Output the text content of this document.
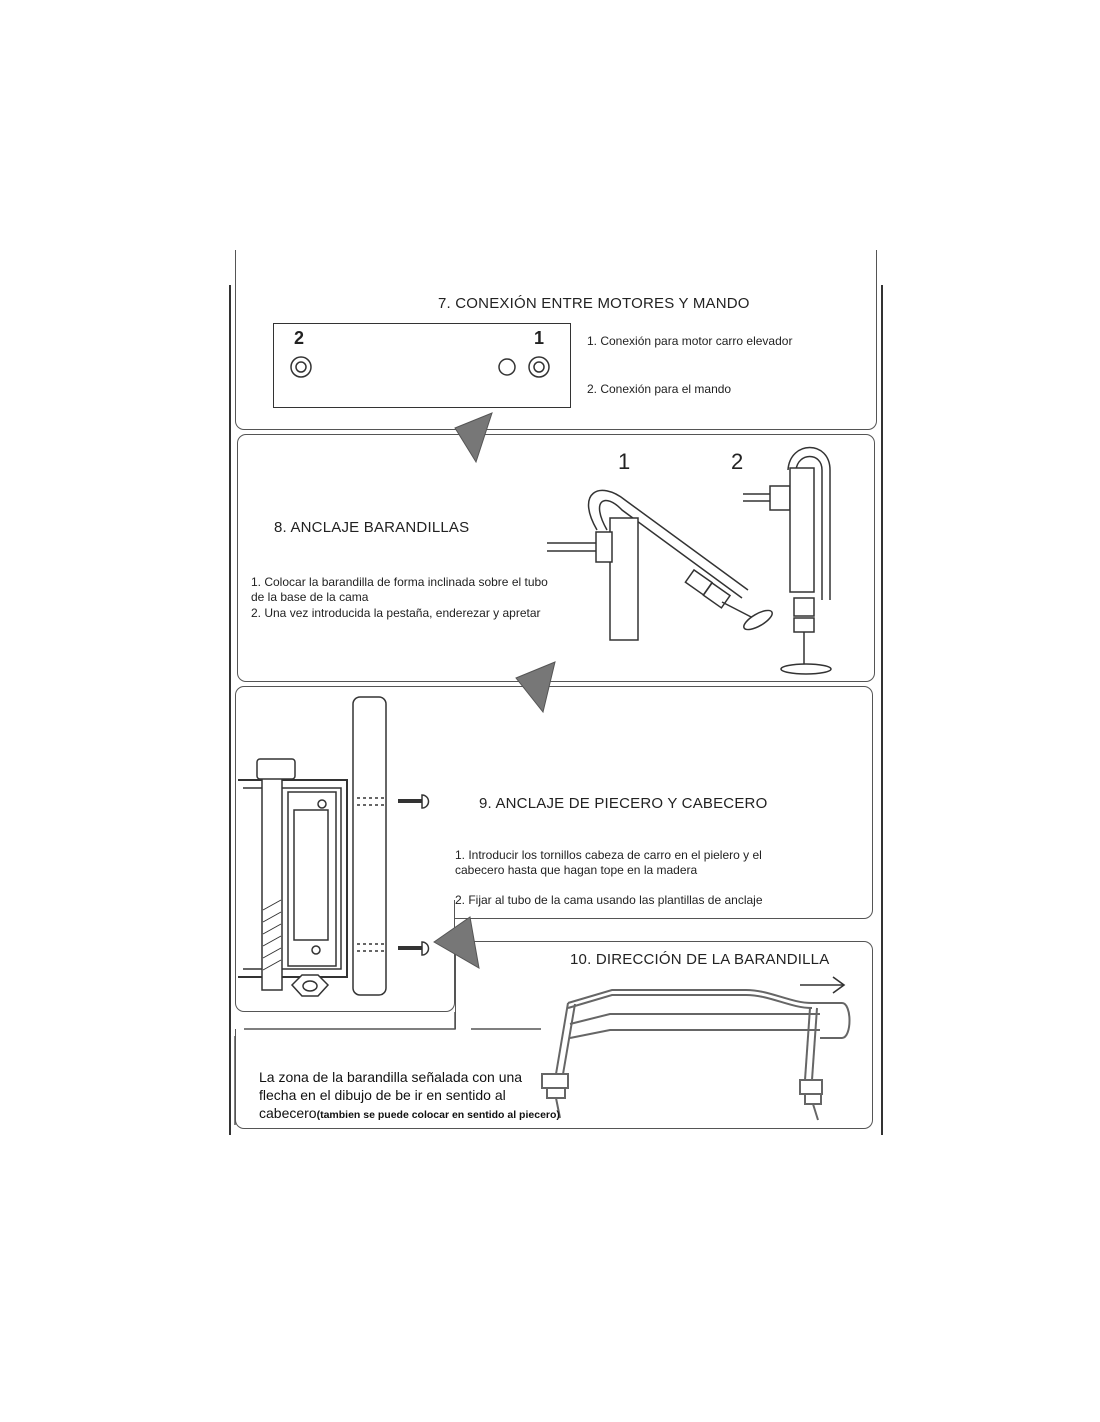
7. CONEXIÓN ENTRE MOTORES Y MANDO
2	1	1. Conexión para motor carro elevador
2. Conexión para el mando
8. ANCLAJE BARANDILLAS
1. Colocar la barandilla de forma inclinada sobre el tubo
de la base de la cama
2. Una vez introducida la pestaña, enderezar y apretar
1	2
9. ANCLAJE DE PIECERO Y CABECERO
1. Introducir los tornillos cabeza de carro en el pielero y el
cabecero hasta que hagan tope en la madera
2. Fijar al tubo de la cama usando las plantillas de anclaje
10. DIRECCIÓN DE LA BARANDILLA
La zona de la barandilla señalada con una
flecha en el dibujo de be ir en sentido al
cabecero(tambien se puede colocar en sentido al piecero)
